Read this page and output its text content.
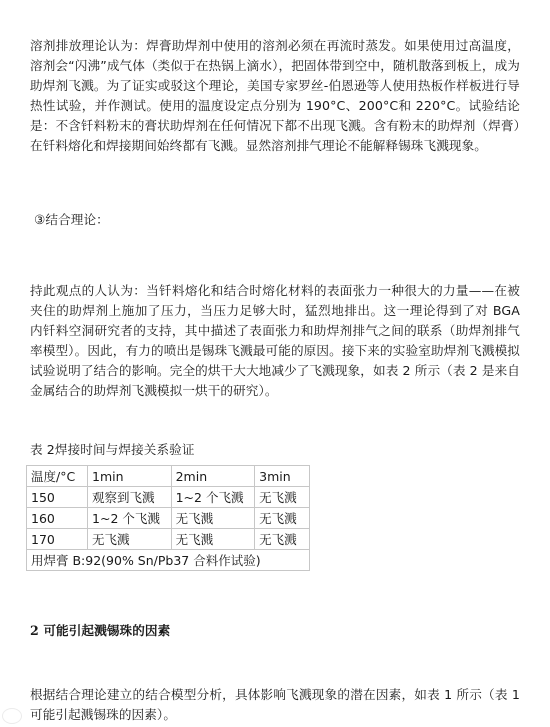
溶剂排放理论认为：焊膏助焊剂中使用的溶剂必须在再流时蒸发。如果使用过高温度，溶剂会“闪沸”成气体（类似于在热锅上滴水），把固体带到空中，随机散落到板上，成为助焊剂飞溅。为了证实或驳这个理论，美国专家罗丝-伯恩逊等人使用热板作样板进行导热性试验，并作测试。使用的温度设定点分别为 190°C、200°C和 220°C。试验结论是：不含钎料粉末的膏状助焊剂在任何情况下都不出现飞溅。含有粉末的助焊剂（焊膏）在钎料熔化和焊接期间始终都有飞溅。显然溶剂排气理论不能解释锡珠飞溅现象。
③结合理论：
持此观点的人认为：当钎料熔化和结合时熔化材料的表面张力一种很大的力量——在被夹住的助焊剂上施加了压力，当压力足够大时，猛烈地排出。这一理论得到了对 BGA 内钎料空洞研究者的支持，其中描述了表面张力和助焊剂排气之间的联系（助焊剂排气率模型）。因此，有力的喷出是锡珠飞溅最可能的原因。接下来的实验室助焊剂飞溅模拟试验说明了结合的影响。完全的烘干大大地减少了飞溅现象，如表 2 所示（表 2 是来自金属结合的助焊剂飞溅模拟一烘干的研究）。
表 2焊接时间与焊接关系验证
温度/°C	1min	2min	3min
150	观察到飞溅	1~2 个飞溅	无飞溅
160	1~2 个飞溅	无飞溅	无飞溅
170	无飞溅	无飞溅	无飞溅
用焊膏 B:92(90% Sn/Pb37 合料作试验)			
2 可能引起溅锡珠的因素
根据结合理论建立的结合模型分析，具体影响飞溅现象的潜在因素，如表 1 所示（表 1 可能引起溅锡珠的因素）。
